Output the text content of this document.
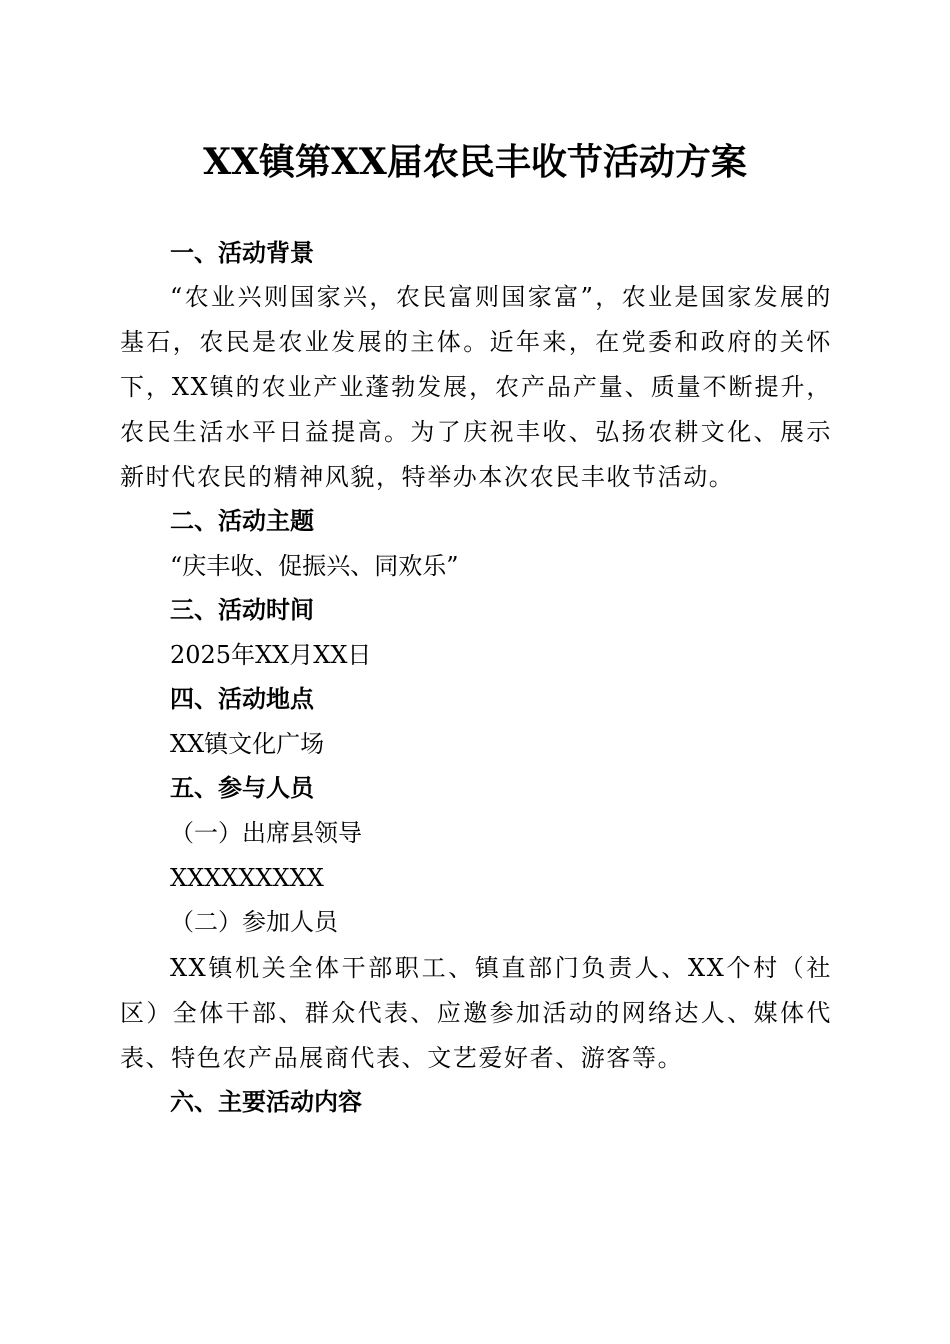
XX镇第XX届农民丰收节活动方案
一、活动背景
“农业兴则国家兴，农民富则国家富”，农业是国家发展的基石，农民是农业发展的主体。近年来，在党委和政府的关怀下，XX镇的农业产业蓬勃发展，农产品产量、质量不断提升，农民生活水平日益提高。为了庆祝丰收、弘扬农耕文化、展示新时代农民的精神风貌，特举办本次农民丰收节活动。
二、活动主题
“庆丰收、促振兴、同欢乐”
三、活动时间
2025年XX月XX日
四、活动地点
XX镇文化广场
五、参与人员
（一）出席县领导
XXXXXXXXX
（二）参加人员
XX镇机关全体干部职工、镇直部门负责人、XX个村（社区）全体干部、群众代表、应邀参加活动的网络达人、媒体代表、特色农产品展商代表、文艺爱好者、游客等。
六、主要活动内容
